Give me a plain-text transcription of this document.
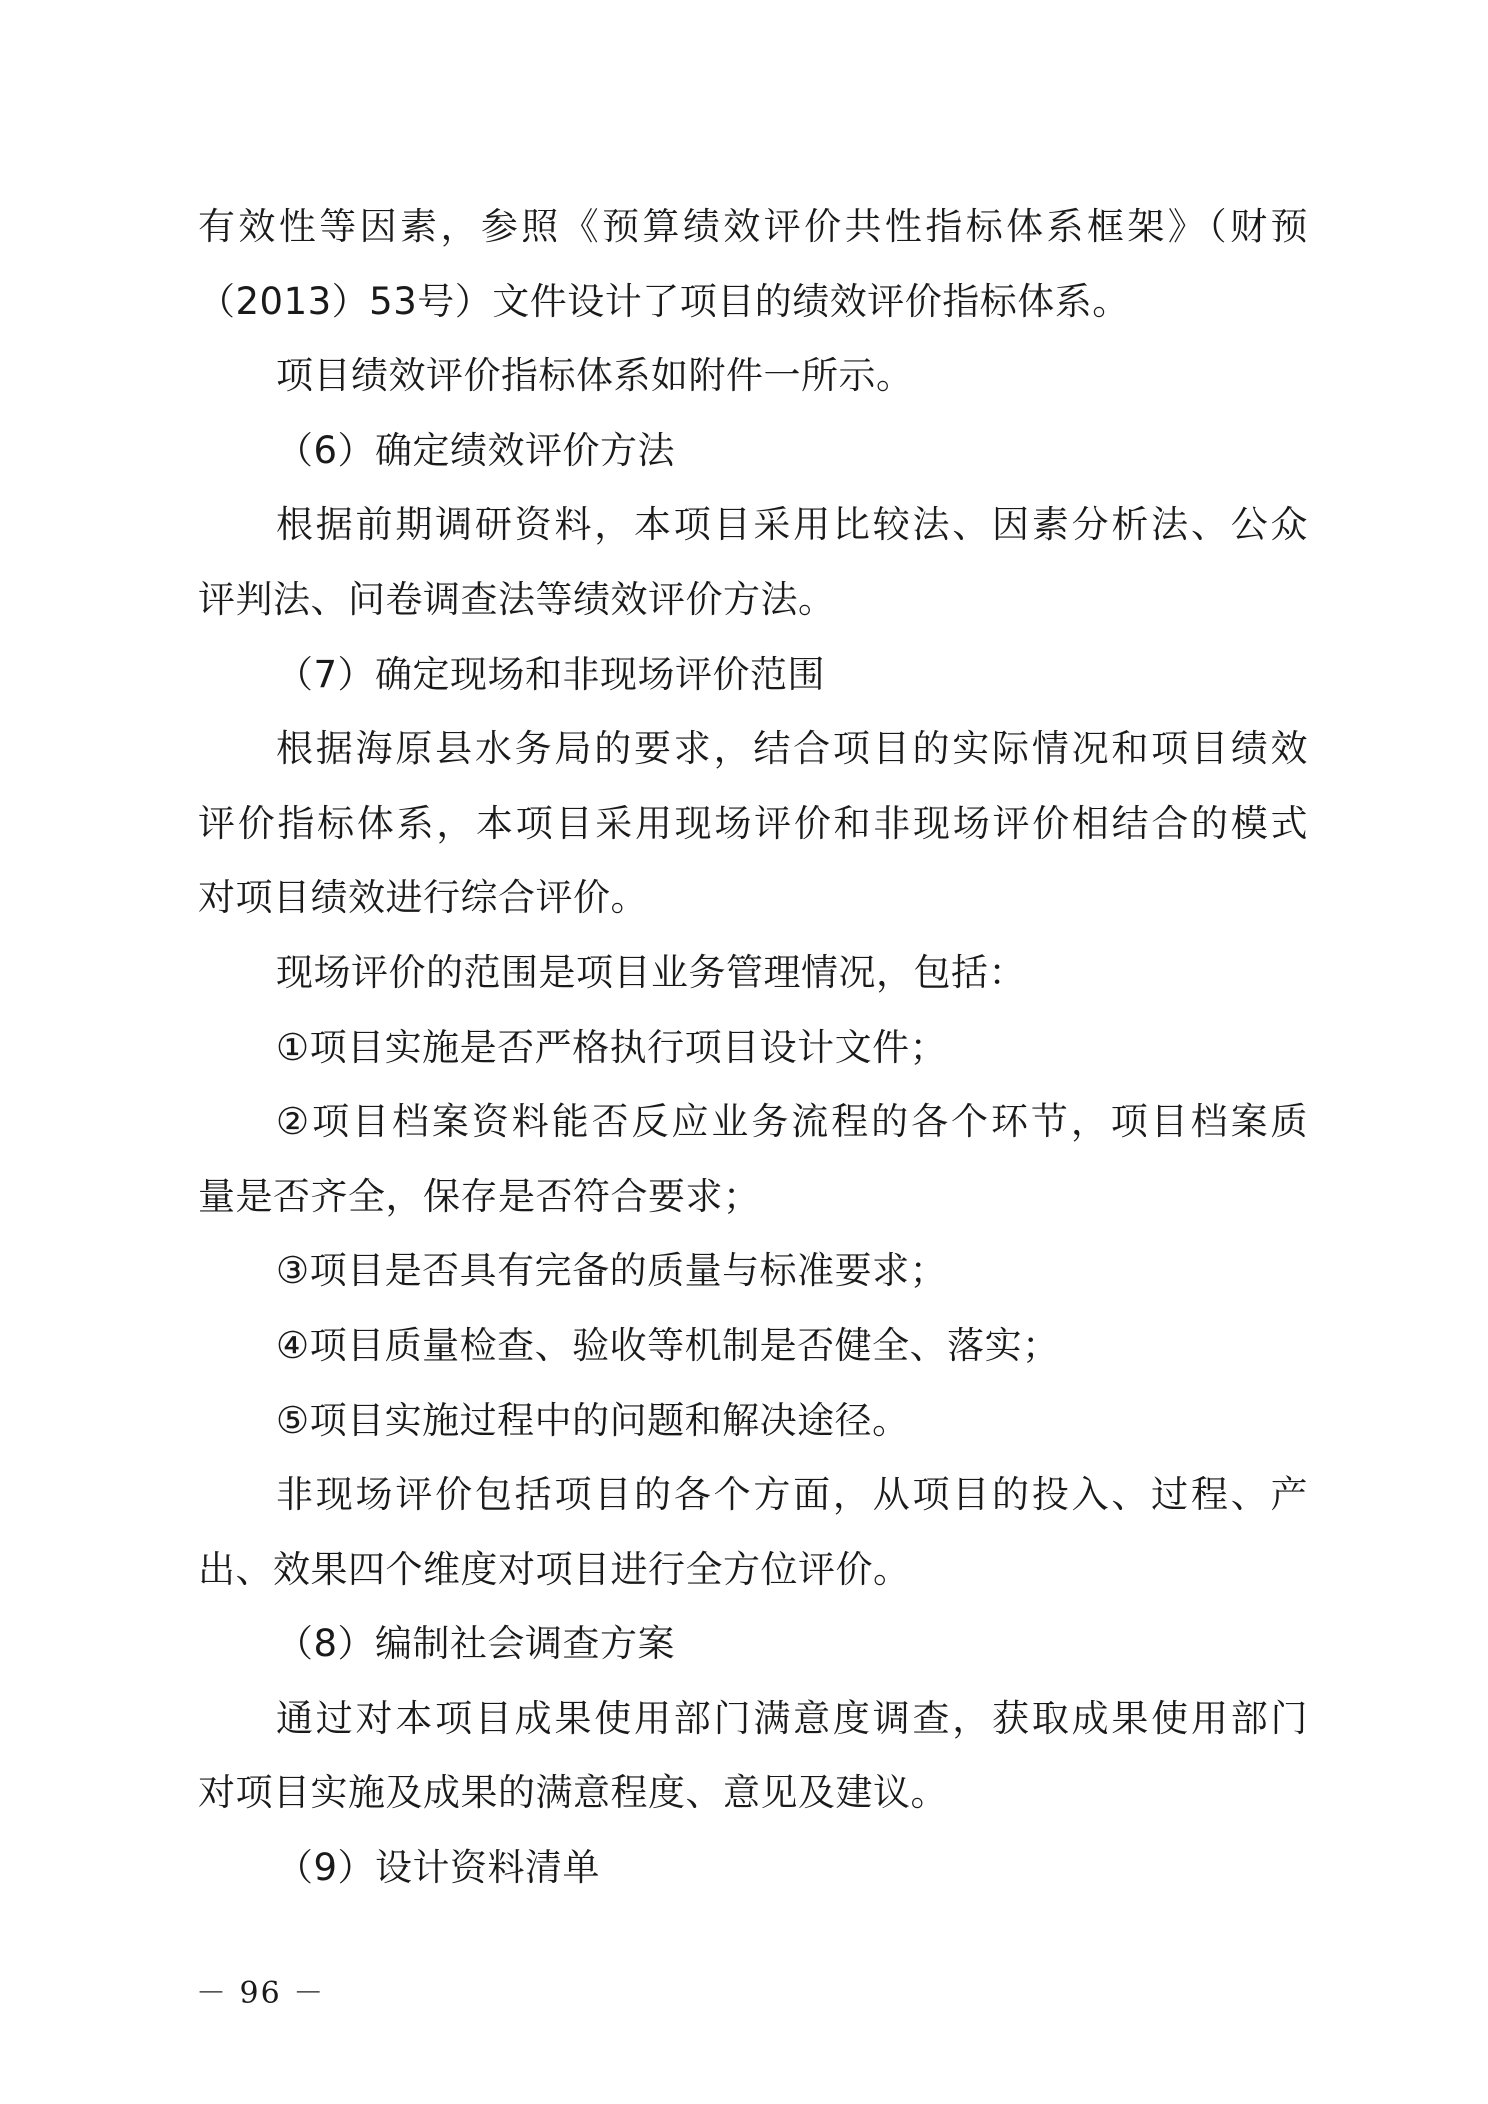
有效性等因素，参照《预算绩效评价共性指标体系框架》（财预
（2013）53号）文件设计了项目的绩效评价指标体系。
项目绩效评价指标体系如附件一所示。
（6）确定绩效评价方法
根据前期调研资料，本项目采用比较法、因素分析法、公众
评判法、问卷调查法等绩效评价方法。
（7）确定现场和非现场评价范围
根据海原县水务局的要求，结合项目的实际情况和项目绩效
评价指标体系，本项目采用现场评价和非现场评价相结合的模式
对项目绩效进行综合评价。
现场评价的范围是项目业务管理情况，包括：
①项目实施是否严格执行项目设计文件；
②项目档案资料能否反应业务流程的各个环节，项目档案质
量是否齐全，保存是否符合要求；
③项目是否具有完备的质量与标准要求；
④项目质量检查、验收等机制是否健全、落实；
⑤项目实施过程中的问题和解决途径。
非现场评价包括项目的各个方面，从项目的投入、过程、产
出、效果四个维度对项目进行全方位评价。
（8）编制社会调查方案
通过对本项目成果使用部门满意度调查，获取成果使用部门
对项目实施及成果的满意程度、意见及建议。
（9）设计资料清单
－ 96 －
